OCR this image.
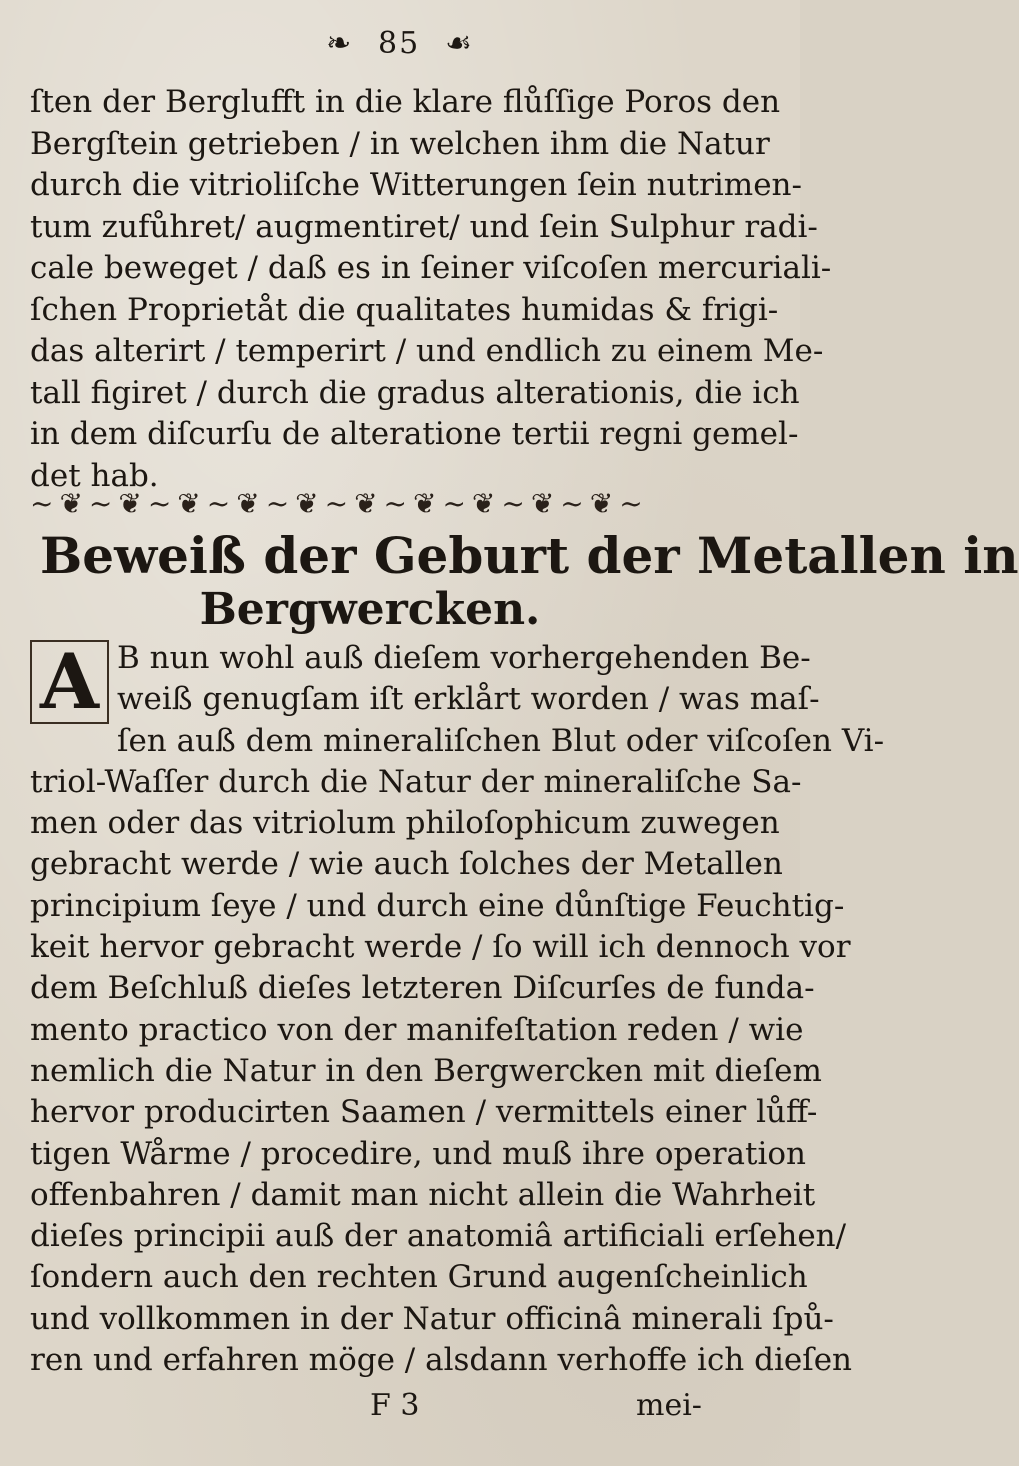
❧ 85 ☙
ſten der Berglufft in die klare flůſſige Poros den
Bergſtein getrieben / in welchen ihm die Natur
durch die vitrioliſche Witterungen ſein nutrimen-
tum zufůhret/ augmentiret/ und ſein Sulphur radi-
cale beweget / daß es in ſeiner viſcoſen mercuriali-
ſchen Proprietåt die qualitates humidas & frigi-
das alterirt / temperirt / und endlich zu einem Me-
tall figiret / durch die gradus alterationis, die ich
in dem diſcurſu de alteratione tertii regni gemel-
det hab.
~❦~❦~❦~❦~❦~❦~❦~❦~❦~❦~
Beweiß der Geburt der Metallen in
Bergwercken.
A B nun wohl auß dieſem vorhergehenden Be-
weiß genugſam iſt erklårt worden / was maſ-
ſen auß dem mineraliſchen Blut oder viſcoſen Vi-
triol-Waſſer durch die Natur der mineraliſche Sa-
men oder das vitriolum philoſophicum zuwegen
gebracht werde / wie auch ſolches der Metallen
principium ſeye / und durch eine důnſtige Feuchtig-
keit hervor gebracht werde / ſo will ich dennoch vor
dem Beſchluß dieſes letzteren Diſcurſes de funda-
mento practico von der manifeſtation reden / wie
nemlich die Natur in den Bergwercken mit dieſem
hervor producirten Saamen / vermittels einer lůff-
tigen Wårme / procedire, und muß ihre operation
offenbahren / damit man nicht allein die Wahrheit
dieſes principii auß der anatomiâ artificiali erſehen/
ſondern auch den rechten Grund augenſcheinlich
und vollkommen in der Natur officinâ minerali ſpů-
ren und erfahren möge / alsdann verhoffe ich dieſen
F 3	mei-
